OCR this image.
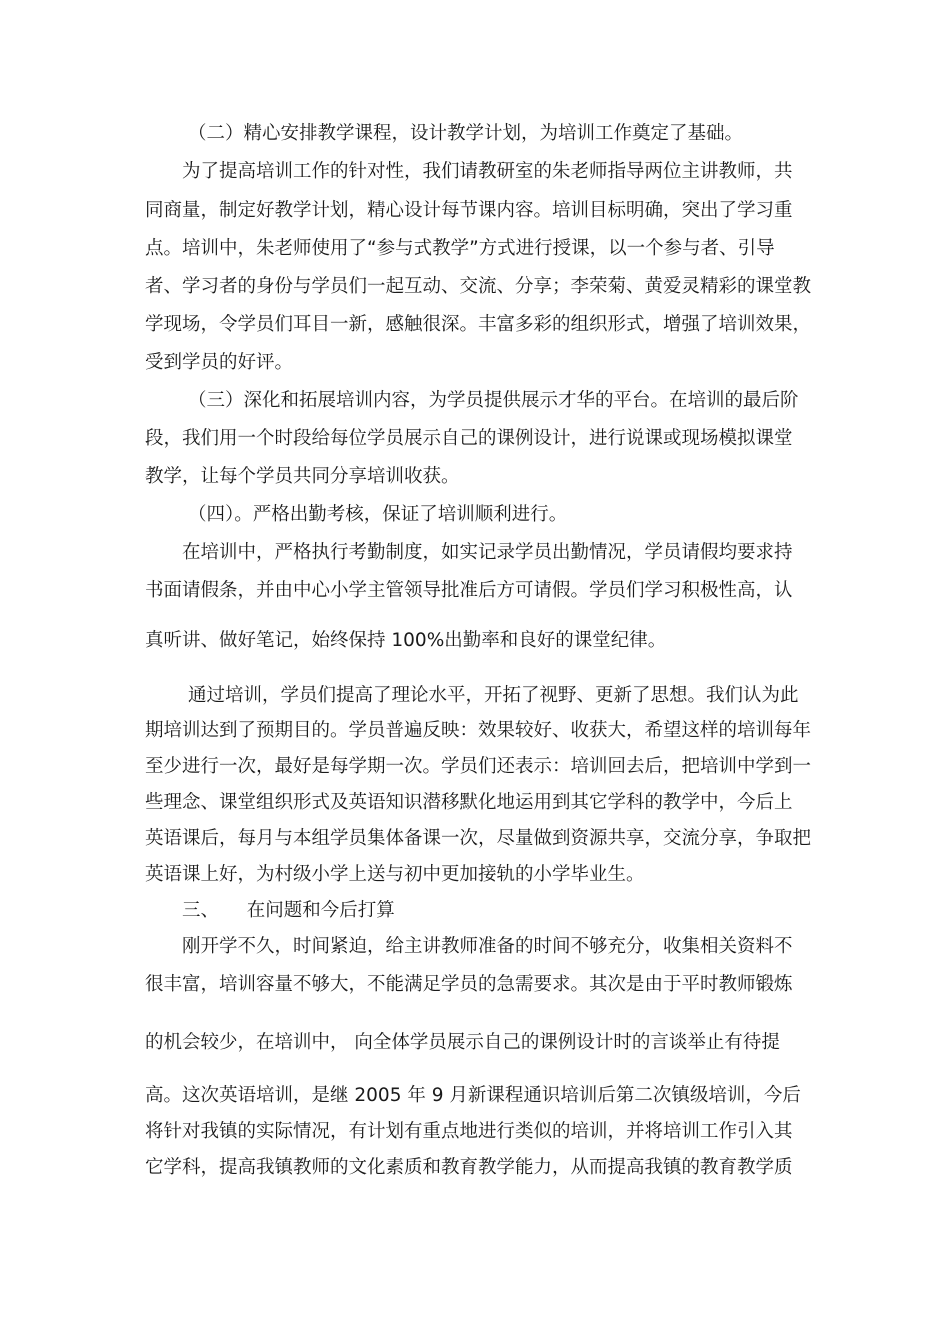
（二）精心安排教学课程，设计教学计划，为培训工作奠定了基础。
为了提高培训工作的针对性，我们请教研室的朱老师指导两位主讲教师，共
同商量，制定好教学计划，精心设计每节课内容。培训目标明确，突出了学习重
点。培训中，朱老师使用了“参与式教学”方式进行授课，以一个参与者、引导
者、学习者的身份与学员们一起互动、交流、分享；李荣菊、黄爱灵精彩的课堂教
学现场，令学员们耳目一新，感触很深。丰富多彩的组织形式，增强了培训效果，
受到学员的好评。
（三）深化和拓展培训内容，为学员提供展示才华的平台。在培训的最后阶
段，我们用一个时段给每位学员展示自己的课例设计，进行说课或现场模拟课堂
教学，让每个学员共同分享培训收获。
（四）。严格出勤考核，保证了培训顺利进行。
在培训中，严格执行考勤制度，如实记录学员出勤情况，学员请假均要求持
书面请假条，并由中心小学主管领导批准后方可请假。学员们学习积极性高，认
真听讲、做好笔记，始终保持 100%出勤率和良好的课堂纪律。
通过培训，学员们提高了理论水平，开拓了视野、更新了思想。我们认为此
期培训达到了预期目的。学员普遍反映：效果较好、收获大，希望这样的培训每年
至少进行一次，最好是每学期一次。学员们还表示：培训回去后，把培训中学到一
些理念、课堂组织形式及英语知识潜移默化地运用到其它学科的教学中，今后上
英语课后，每月与本组学员集体备课一次，尽量做到资源共享，交流分享，争取把
英语课上好，为村级小学上送与初中更加接轨的小学毕业生。
三、　　在问题和今后打算
刚开学不久，时间紧迫，给主讲教师准备的时间不够充分，收集相关资料不
很丰富，培训容量不够大，不能满足学员的急需要求。其次是由于平时教师锻炼
的机会较少，在培训中， 向全体学员展示自己的课例设计时的言谈举止有待提
高。这次英语培训，是继 2005 年 9 月新课程通识培训后第二次镇级培训，今后
将针对我镇的实际情况，有计划有重点地进行类似的培训，并将培训工作引入其
它学科，提高我镇教师的文化素质和教育教学能力，从而提高我镇的教育教学质
